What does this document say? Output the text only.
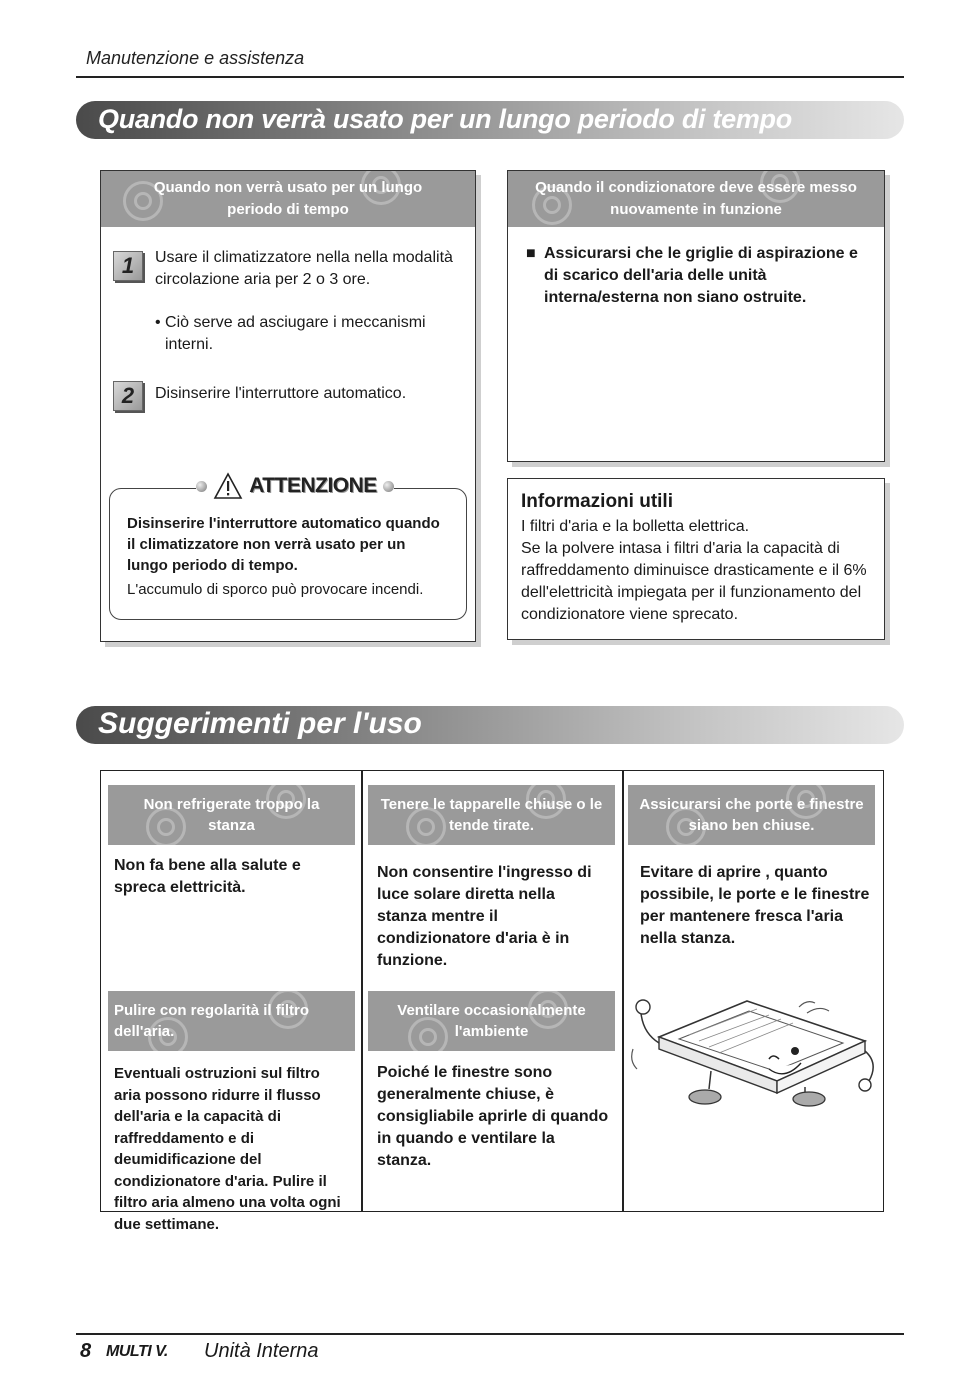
Manutenzione e assistenza
Quando non verrà usato per un lungo periodo di tempo
Quando non verrà usato per un lungo periodo di tempo
1	Usare il climatizzatore nella nella modalità circolazione aria per 2 o 3 ore.
• Ciò serve ad asciugare i meccanismi interni.
2	Disinserire l'interruttore automatico.
Disinserire l'interruttore automatico quando il climatizzatore non verrà usato per un lungo periodo di tempo.
L'accumulo di sporco può provocare incendi.
ATTENZIONE
Quando il condizionatore deve essere messo nuovamente in funzione
■ Assicurarsi che le griglie di aspirazione e di scarico dell'aria delle unità interna/esterna non siano ostruite.
Informazioni utili
I filtri d'aria e la bolletta elettrica.
Se la polvere intasa i filtri d'aria la capacità di raffreddamento diminuisce drasticamente e il 6% dell'elettricità impiegata per il funzionamento del condizionatore viene sprecato.
Suggerimenti per l'uso
Non refrigerate troppo la stanza
Non fa bene alla salute e spreca elettricità.
Tenere le tapparelle chiuse o le tende tirate.
Non consentire l'ingresso di luce solare diretta nella stanza mentre il condizionatore d'aria è in funzione.
Assicurarsi che porte e finestre siano ben chiuse.
Evitare di aprire , quanto possibile, le porte e le finestre per mantenere fresca l'aria nella stanza.
Pulire con regolarità il filtro dell'aria.
Eventuali ostruzioni sul filtro aria possono ridurre il flusso dell'aria e la capacità di raffreddamento e di deumidificazione del condizionatore d'aria. Pulire il filtro aria almeno una volta ogni due settimane.
Ventilare occasionalmente l'ambiente
Poiché le finestre sono generalmente chiuse, è consigliabile aprirle di quando in quando e ventilare la stanza.
8 MULTI V. Unità Interna
